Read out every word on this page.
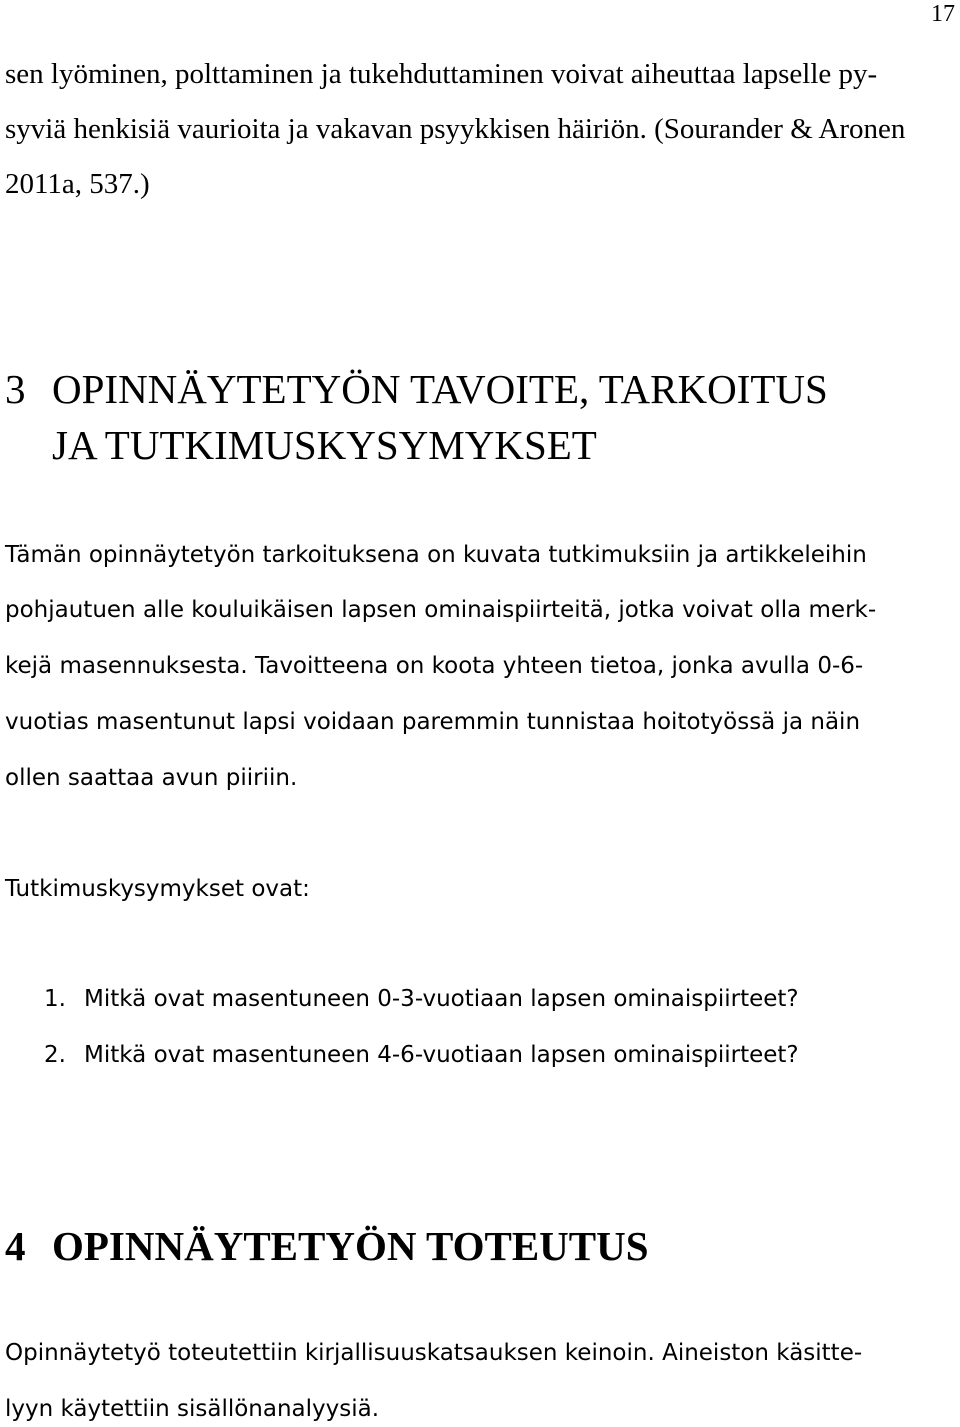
17
sen lyöminen, polttaminen ja tukehduttaminen voivat aiheuttaa lapselle py-
syviä henkisiä vaurioita ja vakavan psyykkisen häiriön. (Sourander & Aronen
2011a, 537.)
3 OPINNÄYTETYÖN TAVOITE, TARKOITUS
JA TUTKIMUSKYSYMYKSET
Tämän opinnäytetyön tarkoituksena on kuvata tutkimuksiin ja artikkeleihin
pohjautuen alle kouluikäisen lapsen ominaispiirteitä, jotka voivat olla merk-
kejä masennuksesta. Tavoitteena on koota yhteen tietoa, jonka avulla 0-6-
vuotias masentunut lapsi voidaan paremmin tunnistaa hoitotyössä ja näin
ollen saattaa avun piiriin.
Tutkimuskysymykset ovat:
1. Mitkä ovat masentuneen 0-3-vuotiaan lapsen ominaispiirteet?
2. Mitkä ovat masentuneen 4-6-vuotiaan lapsen ominaispiirteet?
4 OPINNÄYTETYÖN TOTEUTUS
Opinnäytetyö toteutettiin kirjallisuuskatsauksen keinoin. Aineiston käsitte-
lyyn käytettiin sisällönanalyysiä.
